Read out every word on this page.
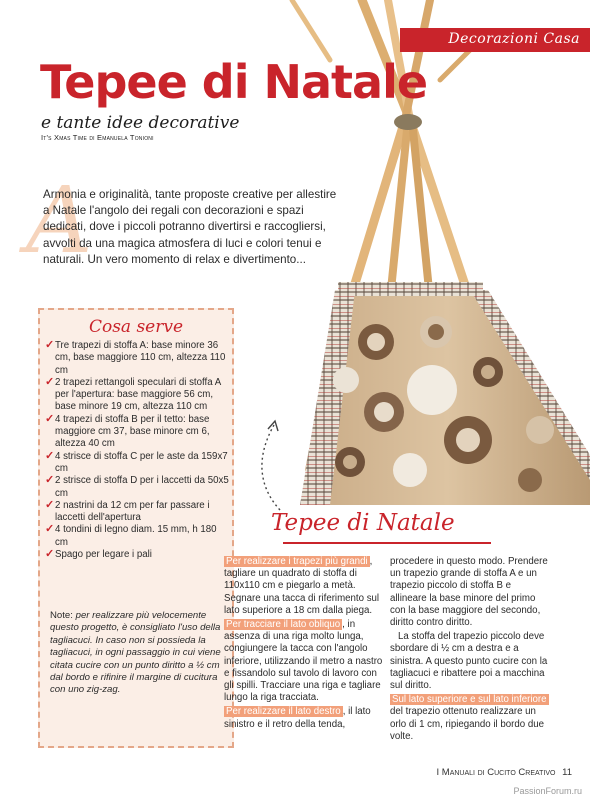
Decorazioni Casa
Tepee di Natale
e tante idee decorative
It's Xmas Time di Emanuela Tonioni
A
Armonia e originalità, tante proposte creative per allestire a Natale l'angolo dei regali con decorazioni e spazi dedicati, dove i piccoli potranno divertirsi e raccogliersi, avvolti da una magica atmosfera di luci e colori tenui e naturali. Un vero momento di relax e divertimento...
Cosa serve
✓ Tre trapezi di stoffa A: base minore 36 cm, base maggiore 110 cm, altezza 110 cm
✓ 2 trapezi rettangoli speculari di stoffa A per l'apertura: base maggiore 56 cm, base minore 19 cm, altezza 110 cm
✓ 4 trapezi di stoffa B per il tetto: base maggiore cm 37, base minore cm 6, altezza 40 cm
✓ 4 strisce di stoffa C per le aste da 159x7 cm
✓ 2 strisce di stoffa D per i laccetti da 50x5 cm
✓ 2 nastrini da 12 cm per far passare i laccetti dell'apertura
✓ 4 tondini di legno diam. 15 mm, h 180 cm
✓ Spago per legare i pali
Note: per realizzare più velocemente questo progetto, è consigliato l'uso della tagliacuci. In caso non si possieda la tagliacuci, in ogni passaggio in cui viene citata cucire con un punto diritto a ½ cm dal bordo e rifinire il margine di cucitura con uno zig-zag.
Tepee di Natale

Per realizzare i trapezi più grandi , tagliare un quadrato di stoffa di 110x110 cm e piegarlo a metà. Segnare una tacca di riferimento sul lato superiore a 18 cm dalla piega.

Per tracciare il lato obliquo , in assenza di una riga molto lunga, congiungere la tacca con l'angolo inferiore, utilizzando il metro a nastro e fissandolo sul tavolo di lavoro con gli spilli. Tracciare una riga e tagliare lungo la riga tracciata.

Per realizzare il lato destro , il lato sinistro e il retro della tenda,

procedere in questo modo. Prendere un trapezio grande di stoffa A e un trapezio piccolo di stoffa B e allineare la base minore del primo con la base maggiore del secondo, diritto contro diritto.

La stoffa del trapezio piccolo deve sbordare di ½ cm a destra e a sinistra. A questo punto cucire con la tagliacuci e ribattere poi a macchina sul diritto.

Sul lato superiore e sul lato inferiore del trapezio ottenuto realizzare un orlo di 1 cm, ripiegando il bordo due volte.

I Manuali di Cucito Creativo 11
PassionForum.ru
